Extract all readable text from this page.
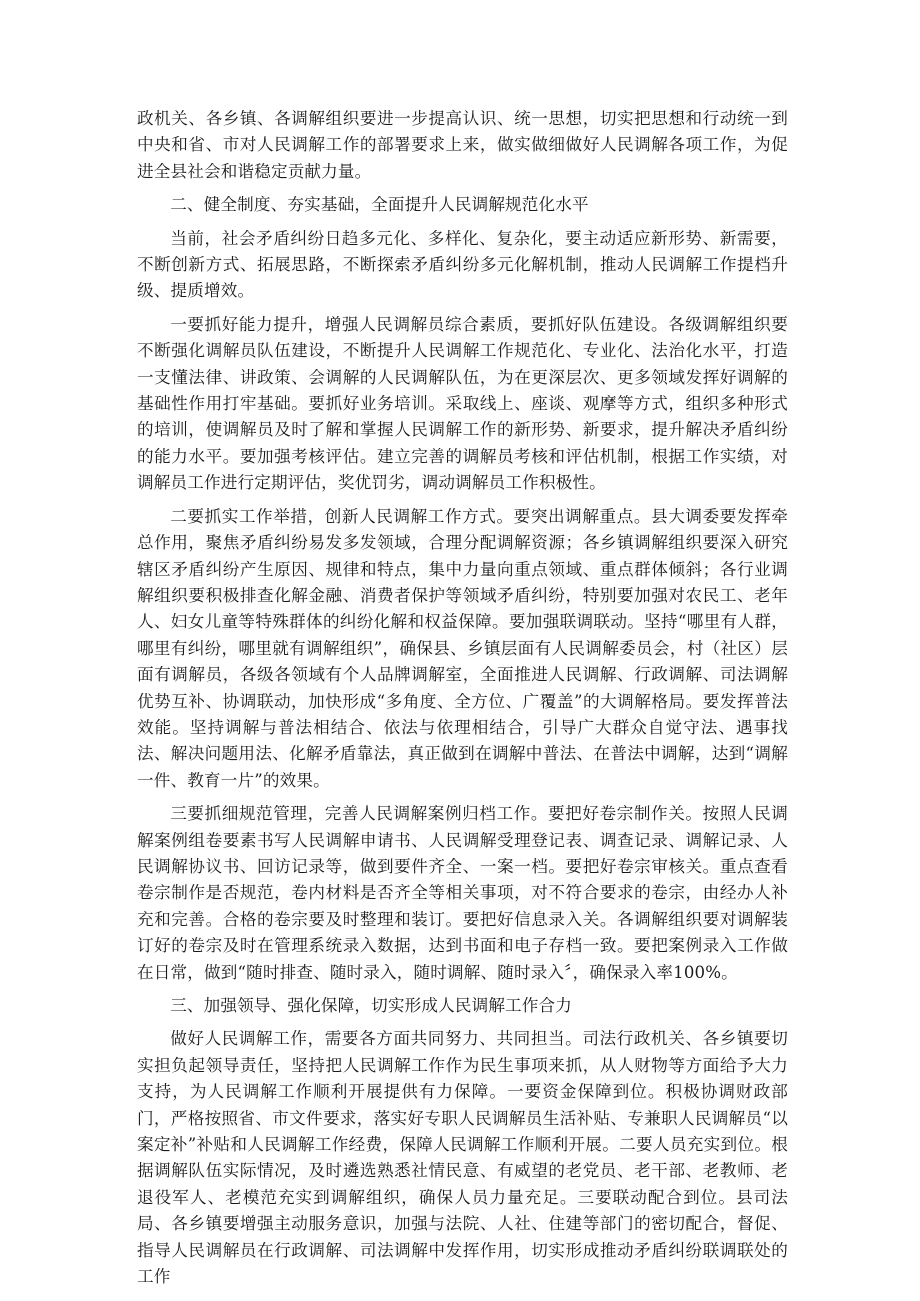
政机关、各乡镇、各调解组织要进一步提高认识、统一思想，切实把思想和行动统一到中央和省、市对人民调解工作的部署要求上来，做实做细做好人民调解各项工作，为促进全县社会和谐稳定贡献力量。

二、健全制度、夯实基础，全面提升人民调解规范化水平

当前，社会矛盾纠纷日趋多元化、多样化、复杂化，要主动适应新形势、新需要，不断创新方式、拓展思路，不断探索矛盾纠纷多元化解机制，推动人民调解工作提档升级、提质增效。

一要抓好能力提升，增强人民调解员综合素质，要抓好队伍建设。各级调解组织要不断强化调解员队伍建设，不断提升人民调解工作规范化、专业化、法治化水平，打造一支懂法律、讲政策、会调解的人民调解队伍，为在更深层次、更多领域发挥好调解的基础性作用打牢基础。要抓好业务培训。采取线上、座谈、观摩等方式，组织多种形式的培训，使调解员及时了解和掌握人民调解工作的新形势、新要求，提升解决矛盾纠纷的能力水平。要加强考核评估。建立完善的调解员考核和评估机制，根据工作实绩，对调解员工作进行定期评估，奖优罚劣，调动调解员工作积极性。

二要抓实工作举措，创新人民调解工作方式。要突出调解重点。县大调委要发挥牵总作用，聚焦矛盾纠纷易发多发领域，合理分配调解资源；各乡镇调解组织要深入研究辖区矛盾纠纷产生原因、规律和特点，集中力量向重点领域、重点群体倾斜；各行业调解组织要积极排查化解金融、消费者保护等领域矛盾纠纷，特别要加强对农民工、老年人、妇女儿童等特殊群体的纠纷化解和权益保障。要加强联调联动。坚持“哪里有人群，哪里有纠纷，哪里就有调解组织”，确保县、乡镇层面有人民调解委员会，村（社区）层面有调解员，各级各领域有个人品牌调解室，全面推进人民调解、行政调解、司法调解优势互补、协调联动，加快形成“多角度、全方位、广覆盖”的大调解格局。要发挥普法效能。坚持调解与普法相结合、依法与依理相结合，引导广大群众自觉守法、遇事找法、解决问题用法、化解矛盾靠法，真正做到在调解中普法、在普法中调解，达到“调解一件、教育一片”的效果。

三要抓细规范管理，完善人民调解案例归档工作。要把好卷宗制作关。按照人民调解案例组卷要素书写人民调解申请书、人民调解受理登记表、调查记录、调解记录、人民调解协议书、回访记录等，做到要件齐全、一案一档。要把好卷宗审核关。重点查看卷宗制作是否规范，卷内材料是否齐全等相关事项，对不符合要求的卷宗，由经办人补充和完善。合格的卷宗要及时整理和装订。要把好信息录入关。各调解组织要对调解装订好的卷宗及时在管理系统录入数据，达到书面和电子存档一致。要把案例录入工作做在日常，做到“随时排查、随时录入，随时调解、随时录入〞，确保录入率100%。

三、加强领导、强化保障，切实形成人民调解工作合力

做好人民调解工作，需要各方面共同努力、共同担当。司法行政机关、各乡镇要切实担负起领导责任，坚持把人民调解工作作为民生事项来抓，从人财物等方面给予大力支持，为人民调解工作顺利开展提供有力保障。一要资金保障到位。积极协调财政部门，严格按照省、市文件要求，落实好专职人民调解员生活补贴、专兼职人民调解员“以案定补”补贴和人民调解工作经费，保障人民调解工作顺利开展。二要人员充实到位。根据调解队伍实际情况，及时遴选熟悉社情民意、有威望的老党员、老干部、老教师、老退役军人、老模范充实到调解组织，确保人员力量充足。三要联动配合到位。县司法局、各乡镇要增强主动服务意识，加强与法院、人社、住建等部门的密切配合，督促、指导人民调解员在行政调解、司法调解中发挥作用，切实形成推动矛盾纠纷联调联处的工作
